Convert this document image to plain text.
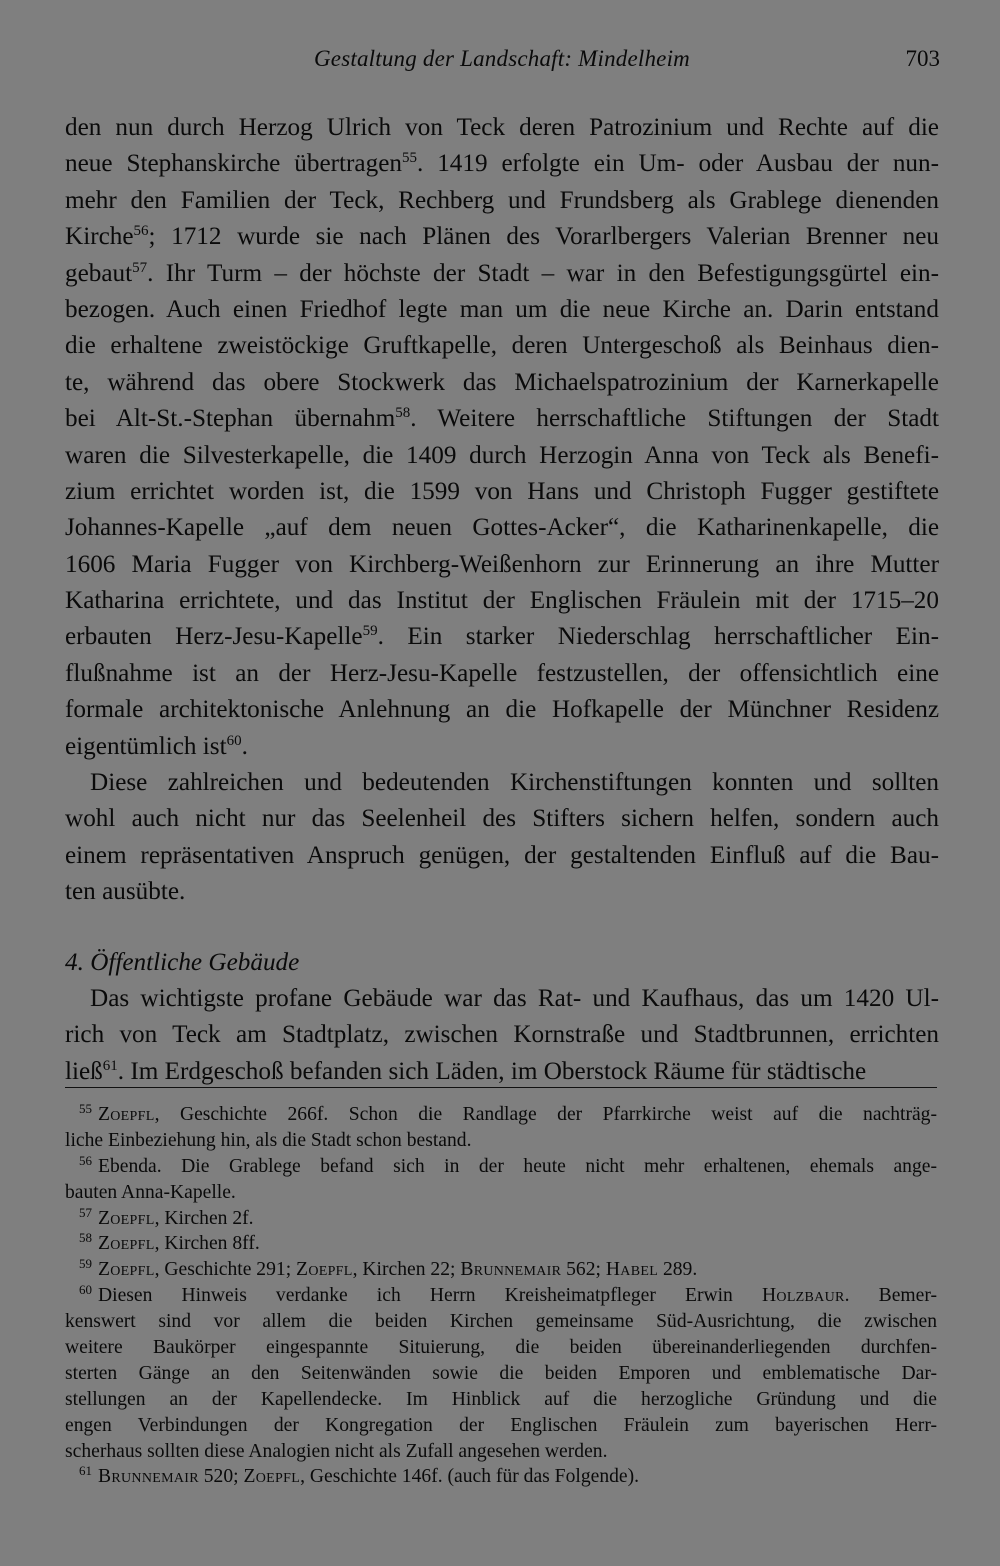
Gestaltung der Landschaft: Mindelheim	703
den nun durch Herzog Ulrich von Teck deren Patrozinium und Rechte auf die
neue Stephanskirche übertragen$^{55}$. 1419 erfolgte ein Um- oder Ausbau der nun-
mehr den Familien der Teck, Rechberg und Frundsberg als Grablege dienenden
Kirche$^{56}$; 1712 wurde sie nach Plänen des Vorarlbergers Valerian Brenner neu
gebaut$^{57}$. Ihr Turm – der höchste der Stadt – war in den Befestigungsgürtel ein-
bezogen. Auch einen Friedhof legte man um die neue Kirche an. Darin entstand
die erhaltene zweistöckige Gruftkapelle, deren Untergeschoß als Beinhaus dien-
te, während das obere Stockwerk das Michaelspatrozinium der Karnerkapelle
bei Alt-St.-Stephan übernahm$^{58}$. Weitere herrschaftliche Stiftungen der Stadt
waren die Silvesterkapelle, die 1409 durch Herzogin Anna von Teck als Benefi-
zium errichtet worden ist, die 1599 von Hans und Christoph Fugger gestiftete
Johannes-Kapelle „auf dem neuen Gottes-Acker“, die Katharinenkapelle, die
1606 Maria Fugger von Kirchberg-Weißenhorn zur Erinnerung an ihre Mutter
Katharina errichtete, und das Institut der Englischen Fräulein mit der 1715–20
erbauten Herz-Jesu-Kapelle$^{59}$. Ein starker Niederschlag herrschaftlicher Ein-
flußnahme ist an der Herz-Jesu-Kapelle festzustellen, der offensichtlich eine
formale architektonische Anlehnung an die Hofkapelle der Münchner Residenz
eigentümlich ist$^{60}$.
Diese zahlreichen und bedeutenden Kirchenstiftungen konnten und sollten
wohl auch nicht nur das Seelenheil des Stifters sichern helfen, sondern auch
einem repräsentativen Anspruch genügen, der gestaltenden Einfluß auf die Bau-
ten ausübte.
4. Öffentliche Gebäude
Das wichtigste profane Gebäude war das Rat- und Kaufhaus, das um 1420 Ul-
rich von Teck am Stadtplatz, zwischen Kornstraße und Stadtbrunnen, errichten
ließ$^{61}$. Im Erdgeschoß befanden sich Läden, im Oberstock Räume für städtische
$^{55}$ Zoepfl, Geschichte 266f. Schon die Randlage der Pfarrkirche weist auf die nachträg-
liche Einbeziehung hin, als die Stadt schon bestand.
$^{56}$ Ebenda. Die Grablege befand sich in der heute nicht mehr erhaltenen, ehemals ange-
bauten Anna-Kapelle.
$^{57}$ Zoepfl, Kirchen 2f.
$^{58}$ Zoepfl, Kirchen 8ff.
$^{59}$ Zoepfl, Geschichte 291; Zoepfl, Kirchen 22; Brunnemair 562; Habel 289.
$^{60}$ Diesen Hinweis verdanke ich Herrn Kreisheimatpfleger Erwin Holzbaur. Bemer-
kenswert sind vor allem die beiden Kirchen gemeinsame Süd-Ausrichtung, die zwischen
weitere Baukörper eingespannte Situierung, die beiden übereinanderliegenden durchfen-
sterten Gänge an den Seitenwänden sowie die beiden Emporen und emblematische Dar-
stellungen an der Kapellendecke. Im Hinblick auf die herzogliche Gründung und die
engen Verbindungen der Kongregation der Englischen Fräulein zum bayerischen Herr-
scherhaus sollten diese Analogien nicht als Zufall angesehen werden.
$^{61}$ Brunnemair 520; Zoepfl, Geschichte 146f. (auch für das Folgende).
